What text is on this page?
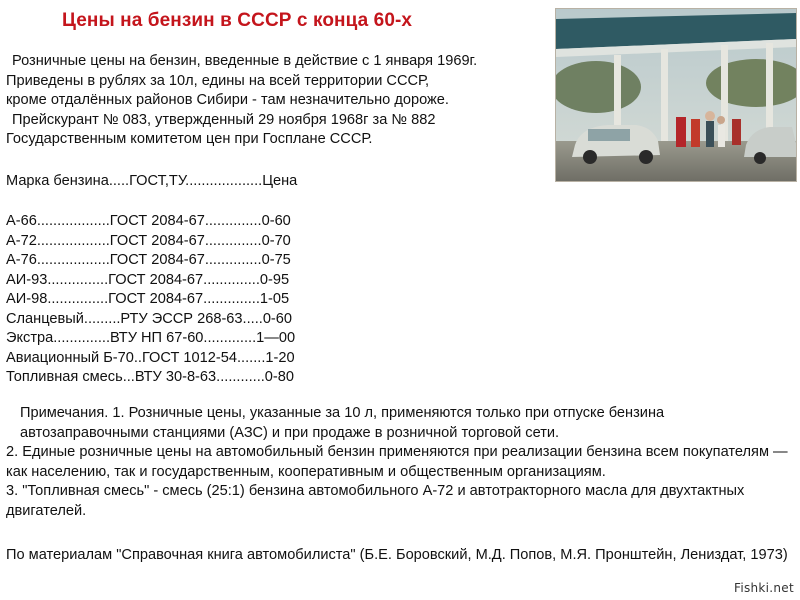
Цены на бензин в СССР с конца 60-х
Розничные цены на бензин, введенные в действие с 1 января 1969г.
Приведены в рублях за 10л, едины на всей территории СССР,
кроме отдалённых районов Сибири - там незначительно дороже.
Прейскурант № 083, утвержденный 29 ноября 1968г за № 882
Государственным комитетом цен при Госплане СССР.
Марка бензина.....ГОСТ,ТУ...................Цена
А-66..................ГОСТ 2084-67..............0-60
А-72..................ГОСТ 2084-67..............0-70
А-76..................ГОСТ 2084-67..............0-75
АИ-93...............ГОСТ 2084-67..............0-95
АИ-98...............ГОСТ 2084-67..............1-05
Сланцевый.........РТУ ЭССР 268-63.....0-60
Экстра..............ВТУ НП 67-60.............1—00
Авиационный Б-70..ГОСТ 1012-54.......1-20
Топливная смесь...ВТУ 30-8-63............0-80
Примечания. 1. Розничные цены, указанные за 10 л, применяются только при отпуске бензина автозаправочными станциями (АЗС) и при продаже в розничной торговой сети.
2. Единые розничные цены на автомобильный бензин применяются при реализации бензина всем покупателям — как населению, так и государственным, кооперативным и общественным организациям.
3. "Топливная смесь" - смесь (25:1) бензина автомобильного А-72 и автотракторного масла для двухтактных двигателей.
По материалам "Справочная книга автомобилиста" (Б.Е. Боровский, М.Д. Попов, М.Я. Пронштейн, Лениздат, 1973)
Fishki.net
